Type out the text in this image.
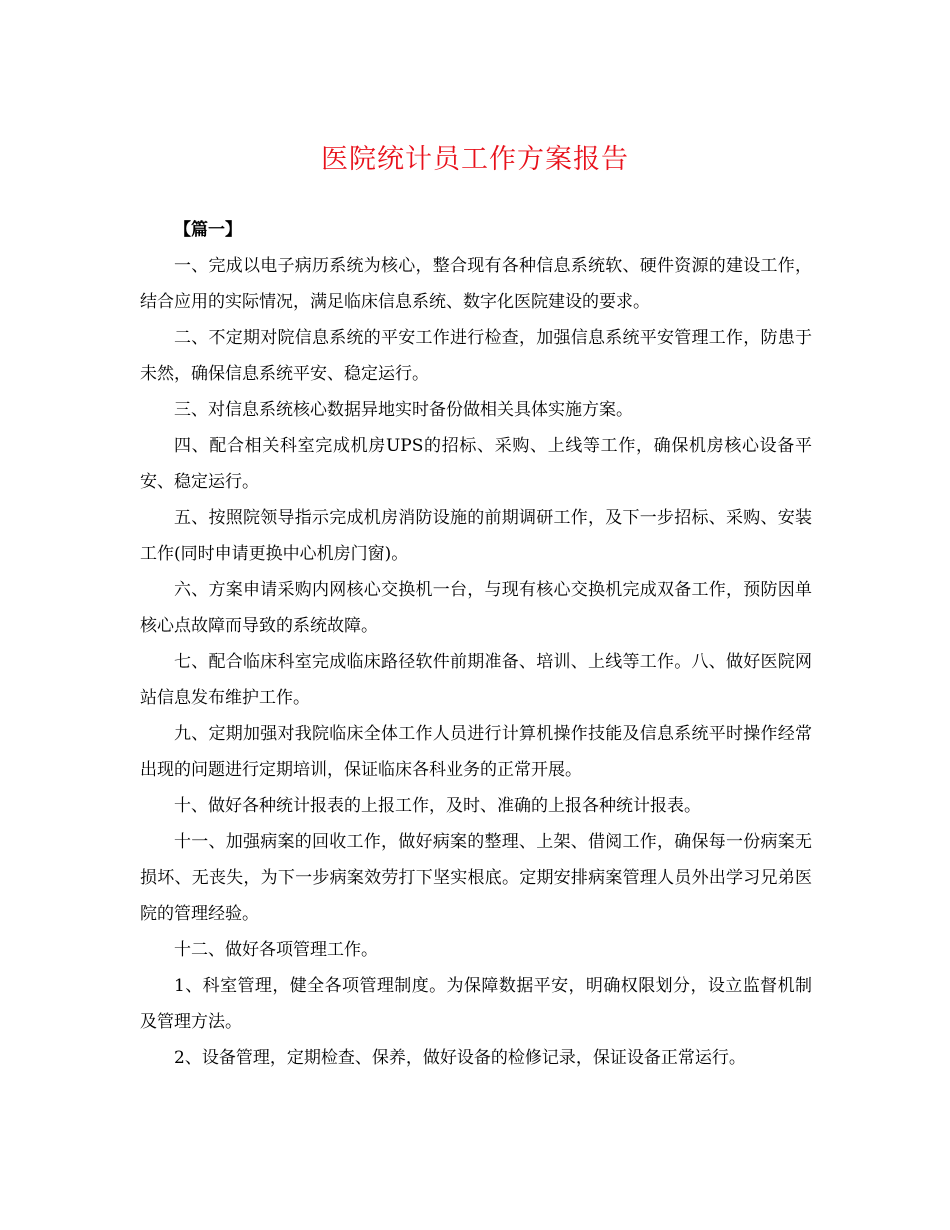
医院统计员工作方案报告

【篇一】

一、完成以电子病历系统为核心，整合现有各种信息系统软、硬件资源的建设工作，结合应用的实际情况，满足临床信息系统、数字化医院建设的要求。

二、不定期对院信息系统的平安工作进行检查，加强信息系统平安管理工作，防患于未然，确保信息系统平安、稳定运行。

三、对信息系统核心数据异地实时备份做相关具体实施方案。

四、配合相关科室完成机房UPS的招标、采购、上线等工作，确保机房核心设备平安、稳定运行。

五、按照院领导指示完成机房消防设施的前期调研工作，及下一步招标、采购、安装工作(同时申请更换中心机房门窗)。

六、方案申请采购内网核心交换机一台，与现有核心交换机完成双备工作，预防因单核心点故障而导致的系统故障。

七、配合临床科室完成临床路径软件前期准备、培训、上线等工作。八、做好医院网站信息发布维护工作。

九、定期加强对我院临床全体工作人员进行计算机操作技能及信息系统平时操作经常出现的问题进行定期培训，保证临床各科业务的正常开展。

十、做好各种统计报表的上报工作，及时、准确的上报各种统计报表。

十一、加强病案的回收工作，做好病案的整理、上架、借阅工作，确保每一份病案无损坏、无丧失，为下一步病案效劳打下坚实根底。定期安排病案管理人员外出学习兄弟医院的管理经验。

十二、做好各项管理工作。

1、科室管理，健全各项管理制度。为保障数据平安，明确权限划分，设立监督机制及管理方法。

2、设备管理，定期检查、保养，做好设备的检修记录，保证设备正常运行。
